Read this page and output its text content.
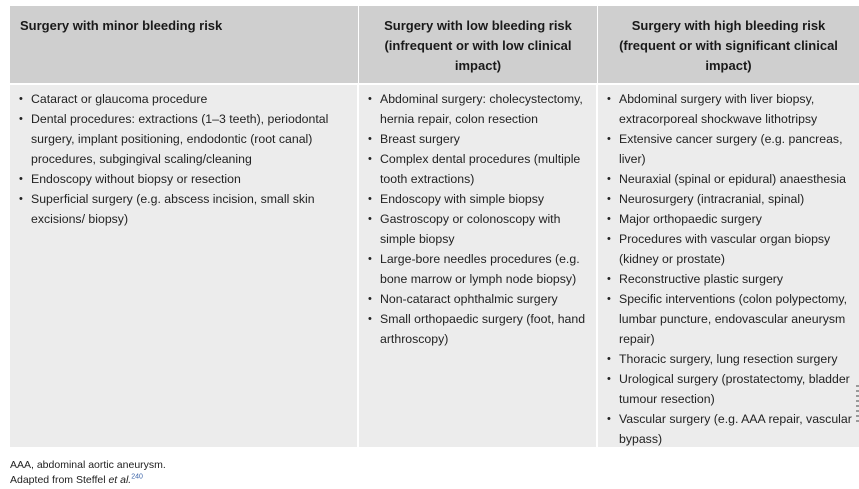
Surgery with minor bleeding risk	Surgery with low bleeding risk (infrequent or with low clinical impact)
Surgery with high bleeding risk (frequent or with significant clinical impact)
• Cataract or glaucoma procedure
• Dental procedures: extractions (1–3 teeth), periodontal surgery, implant positioning, endodontic (root canal) procedures, subgingival scaling/cleaning
• Endoscopy without biopsy or resection
• Superficial surgery (e.g. abscess incision, small skin excisions/ biopsy)
• Abdominal surgery: cholecystectomy, hernia repair, colon resection
• Breast surgery
• Complex dental procedures (multiple tooth extractions)
• Endoscopy with simple biopsy
• Gastroscopy or colonoscopy with simple biopsy
• Large-bore needles procedures (e.g. bone marrow or lymph node biopsy)
• Non-cataract ophthalmic surgery
• Small orthopaedic surgery (foot, hand arthroscopy)
• Abdominal surgery with liver biopsy, extracorporeal shockwave lithotripsy
• Extensive cancer surgery (e.g. pancreas, liver)
• Neuraxial (spinal or epidural) anaesthesia
• Neurosurgery (intracranial, spinal)
• Major orthopaedic surgery
• Procedures with vascular organ biopsy (kidney or prostate)
• Reconstructive plastic surgery
• Specific interventions (colon polypectomy, lumbar puncture, endovascular aneurysm repair)
• Thoracic surgery, lung resection surgery
• Urological surgery (prostatectomy, bladder tumour resection)
• Vascular surgery (e.g. AAA repair, vascular bypass)
AAA, abdominal aortic aneurysm.
Adapted from Steffel et al.$^{240}$
